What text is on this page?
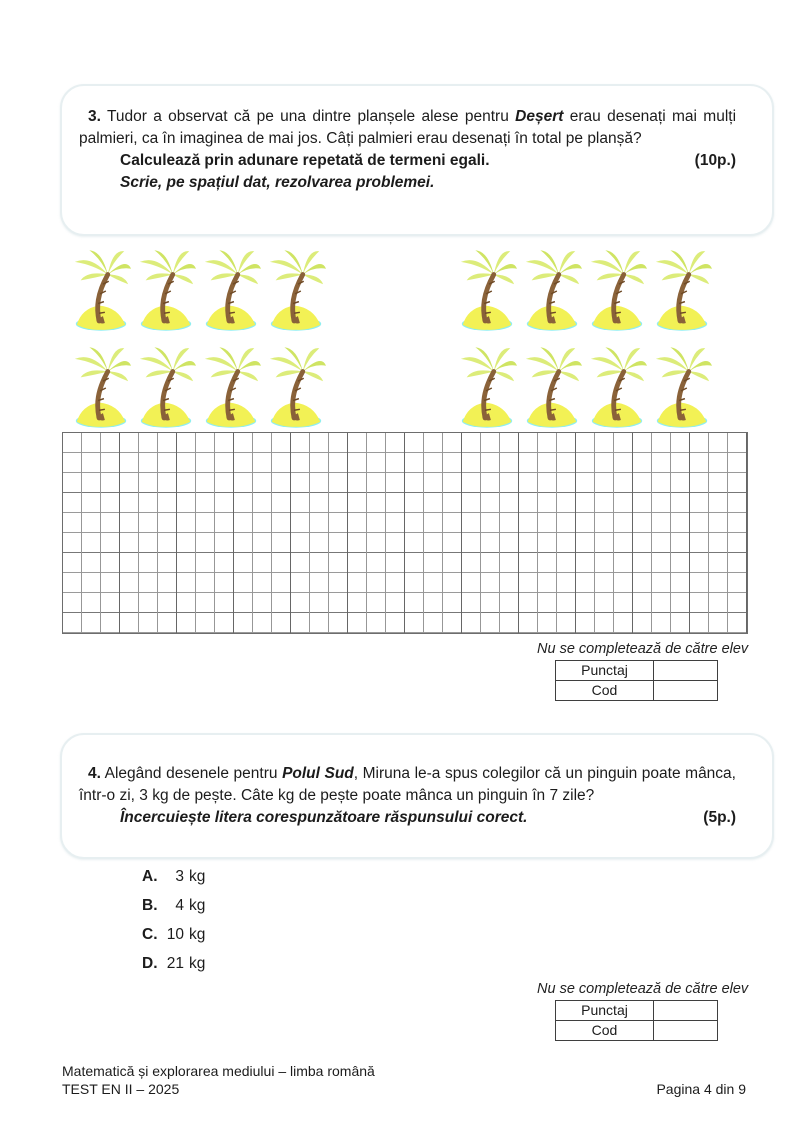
3. Tudor a observat că pe una dintre planșele alese pentru Deșert erau desenați mai mulți palmieri, ca în imaginea de mai jos. Câți palmieri erau desenați în total pe planșă?

Calculează prin adunare repetată de termeni egali.	(10p.)
Scrie, pe spațiul dat, rezolvarea problemei.
Nu se completează de către elev
Punctaj	
Cod	

4. Alegând desenele pentru Polul Sud, Miruna le-a spus colegilor că un pinguin poate mânca, într-o zi, 3 kg de pește. Câte kg de pește poate mânca un pinguin în 7 zile?

Încercuiește litera corespunzătoare răspunsului corect.	(5p.)
A.	3 kg
B.	4 kg
C. 10 kg
D. 21 kg
Nu se completează de către elev
Punctaj	
Cod	
Matematică și explorarea mediului – limba română
TEST EN II – 2025	Pagina 4 din 9
